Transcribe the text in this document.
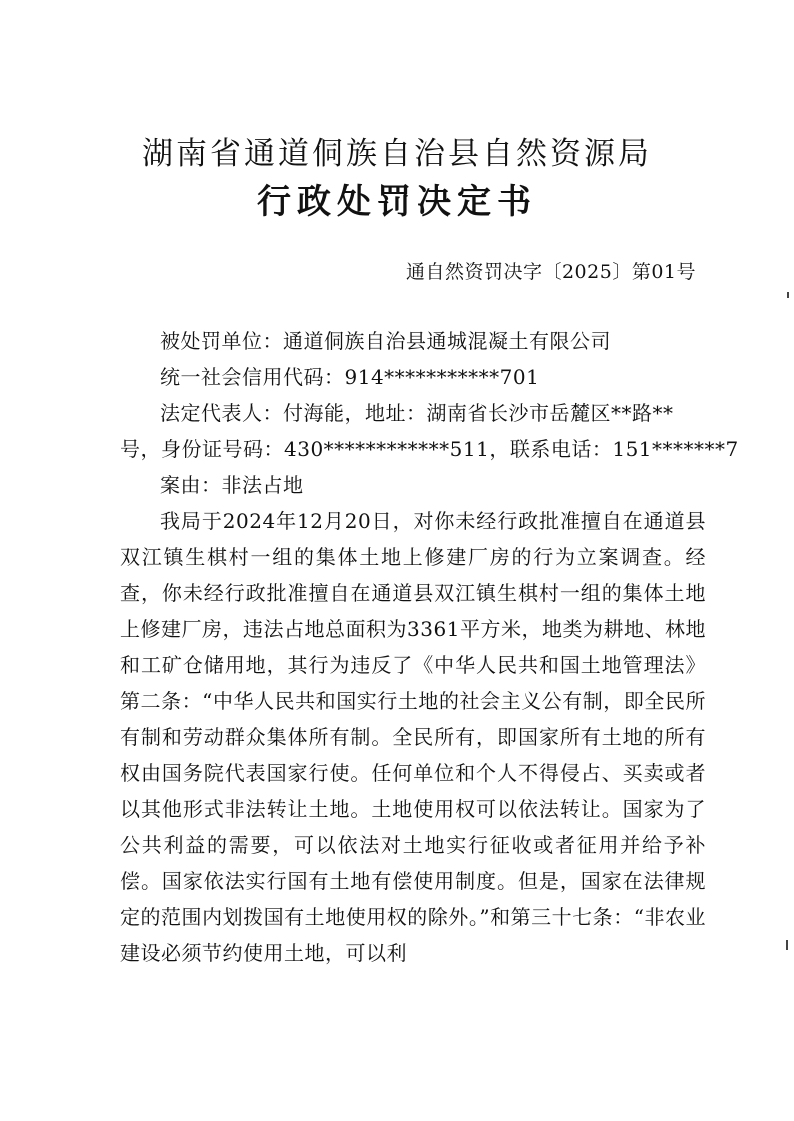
湖南省通道侗族自治县自然资源局
行政处罚决定书
通自然资罚决字〔2025〕第01号
被处罚单位：通道侗族自治县通城混凝土有限公司
统一社会信用代码：914***********701
法定代表人：付海能，地址：湖南省长沙市岳麓区**路**
号，身份证号码：430************511，联系电话：151*******7
案由：非法占地

我局于2024年12月20日，对你未经行政批准擅自在通道县双江镇生棋村一组的集体土地上修建厂房的行为立案调查。经查，你未经行政批准擅自在通道县双江镇生棋村一组的集体土地上修建厂房，违法占地总面积为3361平方米，地类为耕地、林地和工矿仓储用地，其行为违反了《中华人民共和国土地管理法》第二条：“中华人民共和国实行土地的社会主义公有制，即全民所有制和劳动群众集体所有制。全民所有，即国家所有土地的所有权由国务院代表国家行使。任何单位和个人不得侵占、买卖或者以其他形式非法转让土地。土地使用权可以依法转让。国家为了公共利益的需要，可以依法对土地实行征收或者征用并给予补偿。国家依法实行国有土地有偿使用制度。但是，国家在法律规定的范围内划拨国有土地使用权的除外。”和第三十七条：“非农业建设必须节约使用土地，可以利
